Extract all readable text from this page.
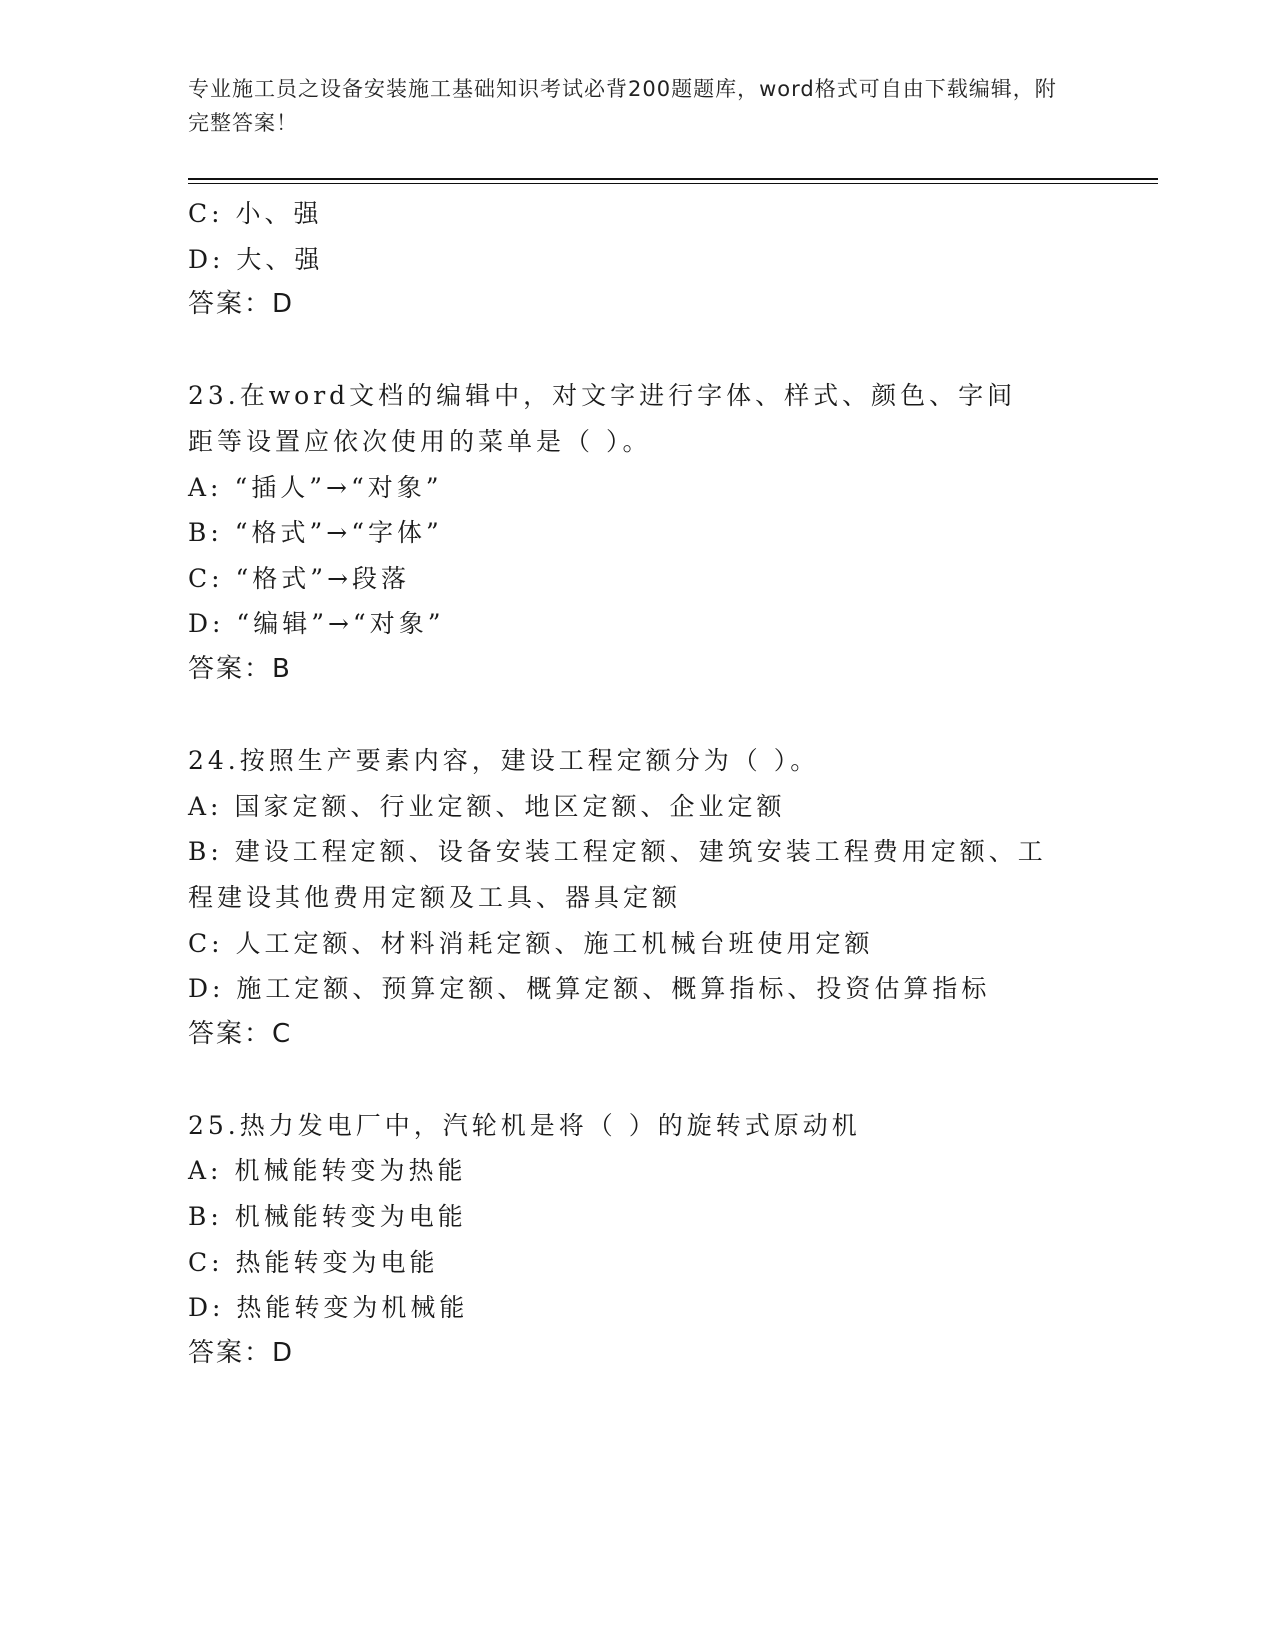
专业施工员之设备安装施工基础知识考试必背200题题库，word格式可自由下载编辑，附完整答案！
C: 小、强
D: 大、强
答案：D
23.在word文档的编辑中，对文字进行字体、样式、颜色、字间距等设置应依次使用的菜单是（ ）。
A: “插人”→“对象”
B: “格式”→“字体”
C: “格式”→段落
D: “编辑”→“对象”
答案：B
24.按照生产要素内容，建设工程定额分为（ ）。
A: 国家定额、行业定额、地区定额、企业定额
B: 建设工程定额、设备安装工程定额、建筑安装工程费用定额、工程建设其他费用定额及工具、器具定额
C: 人工定额、材料消耗定额、施工机械台班使用定额
D: 施工定额、预算定额、概算定额、概算指标、投资估算指标
答案：C
25.热力发电厂中，汽轮机是将（ ）的旋转式原动机
A: 机械能转变为热能
B: 机械能转变为电能
C: 热能转变为电能
D: 热能转变为机械能
答案：D
